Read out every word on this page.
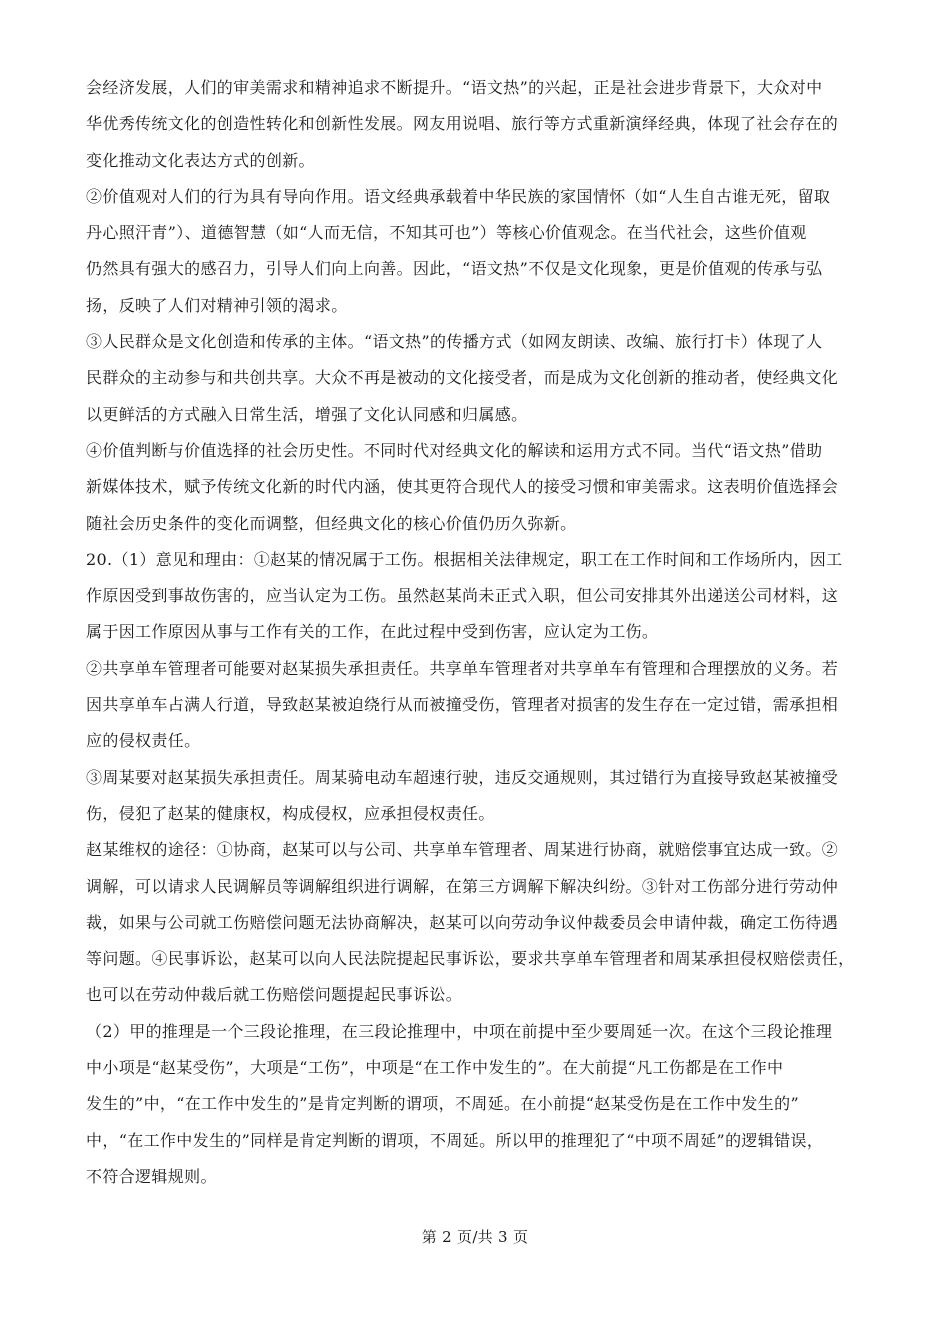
会经济发展，人们的审美需求和精神追求不断提升。“语文热”的兴起，正是社会进步背景下，大众对中
华优秀传统文化的创造性转化和创新性发展。网友用说唱、旅行等方式重新演绎经典，体现了社会存在的
变化推动文化表达方式的创新。
②价值观对人们的行为具有导向作用。语文经典承载着中华民族的家国情怀（如“人生自古谁无死，留取
丹心照汗青”）、道德智慧（如“人而无信，不知其可也”）等核心价值观念。在当代社会，这些价值观
仍然具有强大的感召力，引导人们向上向善。因此，“语文热”不仅是文化现象，更是价值观的传承与弘
扬，反映了人们对精神引领的渴求。
③人民群众是文化创造和传承的主体。“语文热”的传播方式（如网友朗读、改编、旅行打卡）体现了人
民群众的主动参与和共创共享。大众不再是被动的文化接受者，而是成为文化创新的推动者，使经典文化
以更鲜活的方式融入日常生活，增强了文化认同感和归属感。
④价值判断与价值选择的社会历史性。不同时代对经典文化的解读和运用方式不同。当代“语文热”借助
新媒体技术，赋予传统文化新的时代内涵，使其更符合现代人的接受习惯和审美需求。这表明价值选择会
随社会历史条件的变化而调整，但经典文化的核心价值仍历久弥新。
20.（1）意见和理由：①赵某的情况属于工伤。根据相关法律规定，职工在工作时间和工作场所内，因工
作原因受到事故伤害的，应当认定为工伤。虽然赵某尚未正式入职，但公司安排其外出递送公司材料，这
属于因工作原因从事与工作有关的工作，在此过程中受到伤害，应认定为工伤。
②共享单车管理者可能要对赵某损失承担责任。共享单车管理者对共享单车有管理和合理摆放的义务。若
因共享单车占满人行道，导致赵某被迫绕行从而被撞受伤，管理者对损害的发生存在一定过错，需承担相
应的侵权责任。
③周某要对赵某损失承担责任。周某骑电动车超速行驶，违反交通规则，其过错行为直接导致赵某被撞受
伤，侵犯了赵某的健康权，构成侵权，应承担侵权责任。
赵某维权的途径：①协商，赵某可以与公司、共享单车管理者、周某进行协商，就赔偿事宜达成一致。②
调解，可以请求人民调解员等调解组织进行调解，在第三方调解下解决纠纷。③针对工伤部分进行劳动仲
裁，如果与公司就工伤赔偿问题无法协商解决，赵某可以向劳动争议仲裁委员会申请仲裁，确定工伤待遇
等问题。④民事诉讼，赵某可以向人民法院提起民事诉讼，要求共享单车管理者和周某承担侵权赔偿责任，
也可以在劳动仲裁后就工伤赔偿问题提起民事诉讼。
（2）甲的推理是一个三段论推理，在三段论推理中，中项在前提中至少要周延一次。在这个三段论推理
中小项是“赵某受伤”，大项是“工伤”，中项是“在工作中发生的”。在大前提“凡工伤都是在工作中
发生的”中，“在工作中发生的”是肯定判断的谓项，不周延。在小前提“赵某受伤是在工作中发生的”
中，“在工作中发生的”同样是肯定判断的谓项，不周延。所以甲的推理犯了“中项不周延”的逻辑错误，
不符合逻辑规则。
第 2 页/共 3 页
